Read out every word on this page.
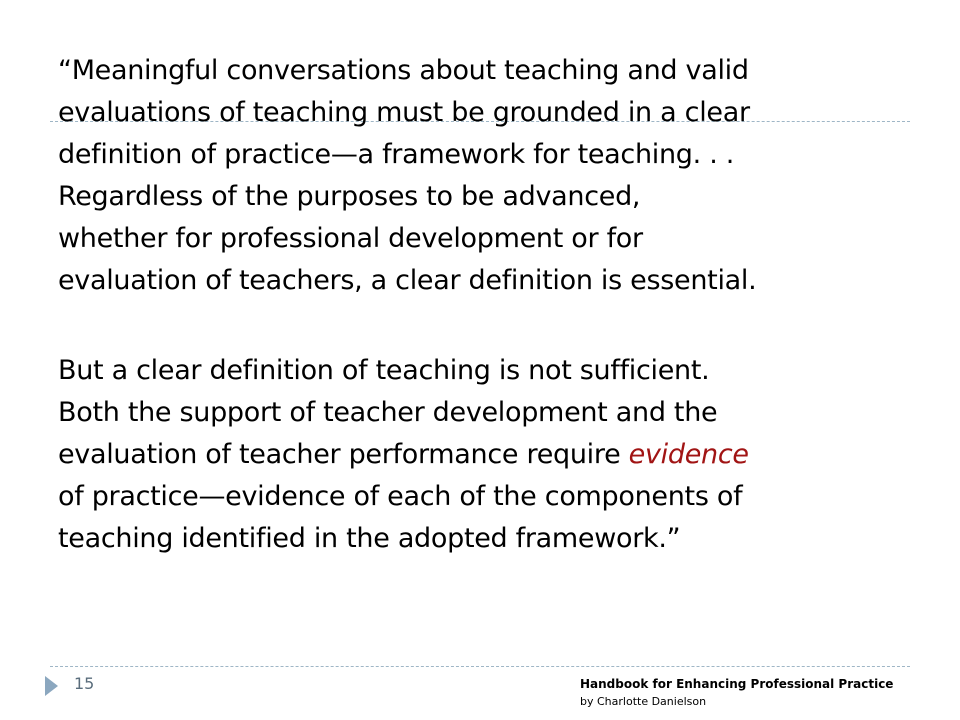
“Meaningful conversations about teaching and valid

evaluations of teaching must be grounded in a clear

definition of practice—a framework for teaching. . .

Regardless of the purposes to be advanced,

whether for professional development or for

evaluation of teachers, a clear definition is essential.

But a clear definition of teaching is not sufficient.

Both the support of teacher development and the

evaluation of teacher performance require evidence

of practice—evidence of each of the components of

teaching identified in the adopted framework.”

15	Handbook for Enhancing Professional Practice
by Charlotte Danielson
